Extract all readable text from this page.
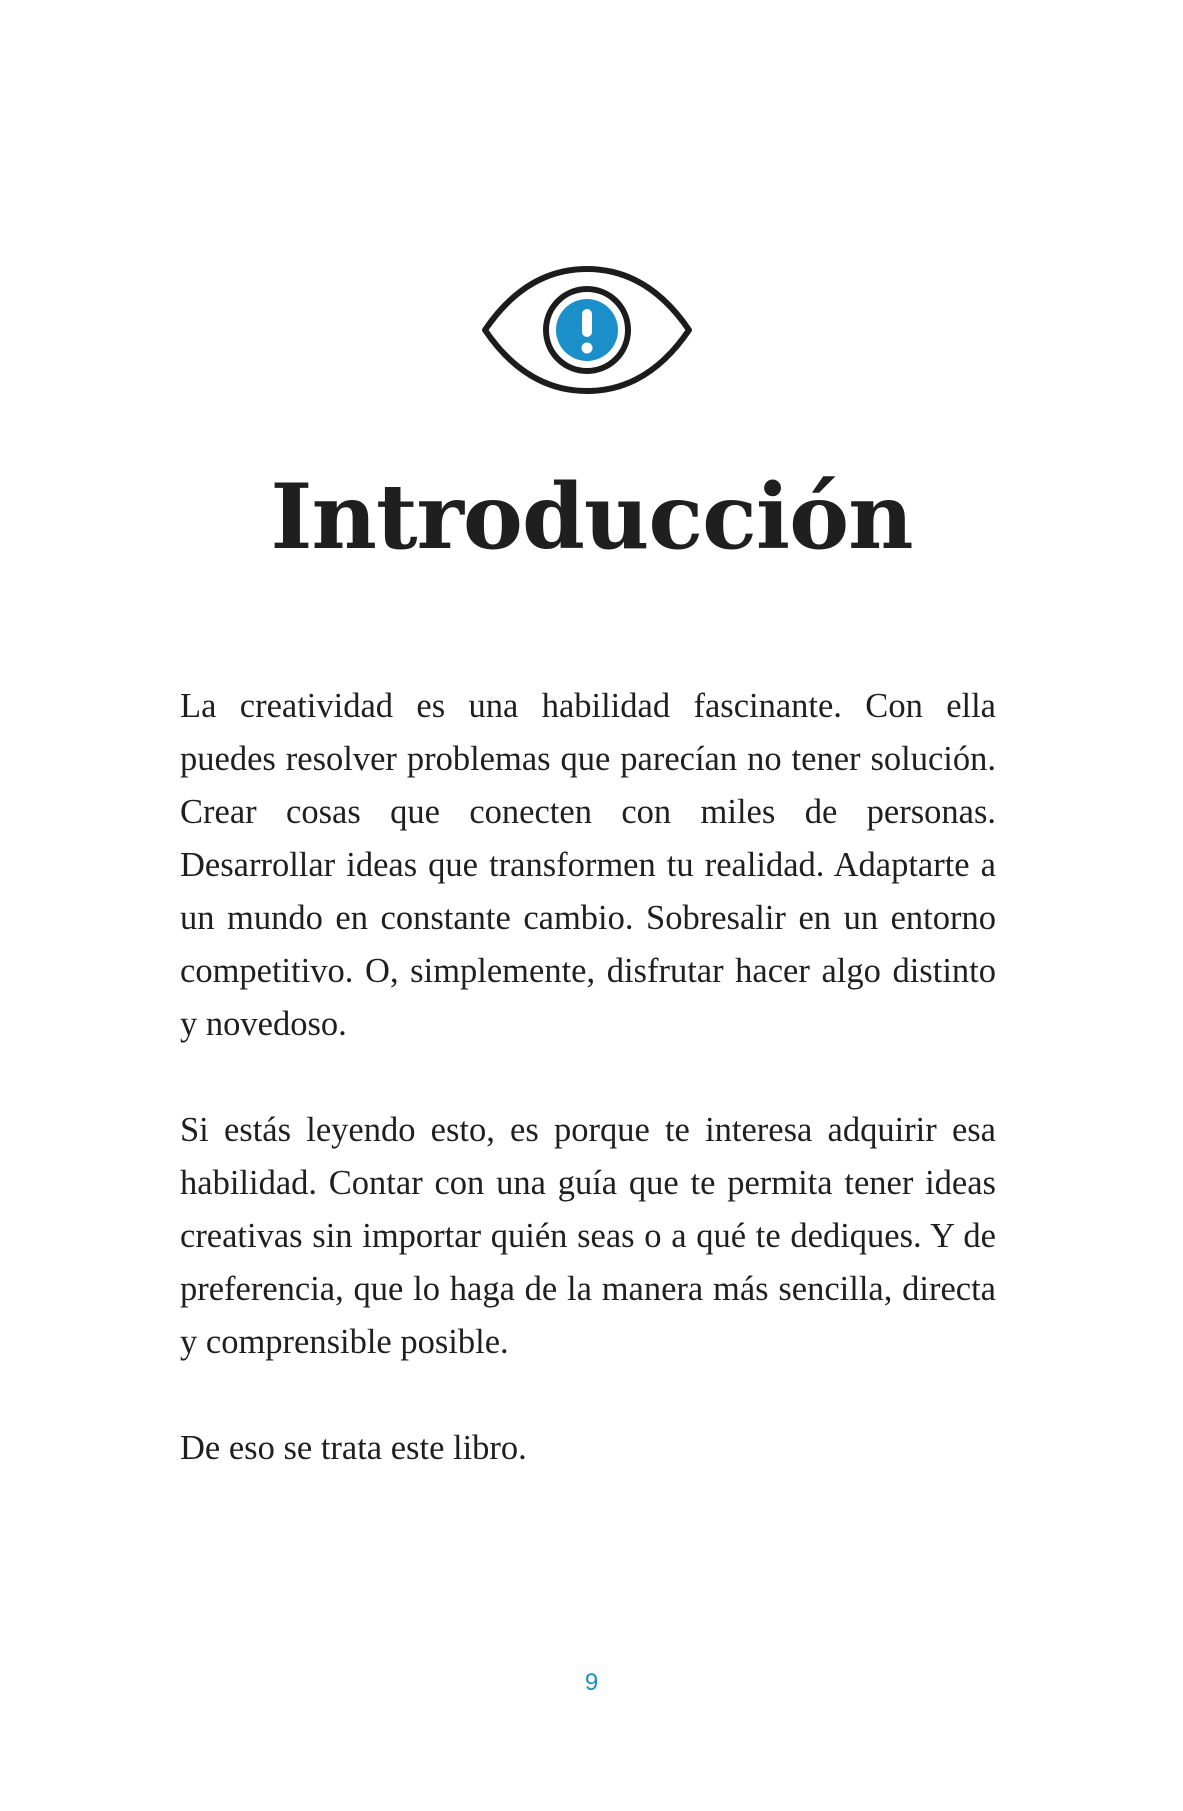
Introducción

La creatividad es una habilidad fascinante. Con ella puedes resolver problemas que parecían no tener solución. Crear cosas que conecten con miles de personas. Desarrollar ideas que transformen tu realidad. Adaptarte a un mundo en constante cambio. Sobresalir en un entorno competitivo. O, simplemente, disfrutar hacer algo distinto y novedoso.

Si estás leyendo esto, es porque te interesa adquirir esa habilidad. Contar con una guía que te permita tener ideas creativas sin importar quién seas o a qué te dediques. Y de preferencia, que lo haga de la manera más sencilla, directa y comprensible posible.

De eso se trata este libro.

9
